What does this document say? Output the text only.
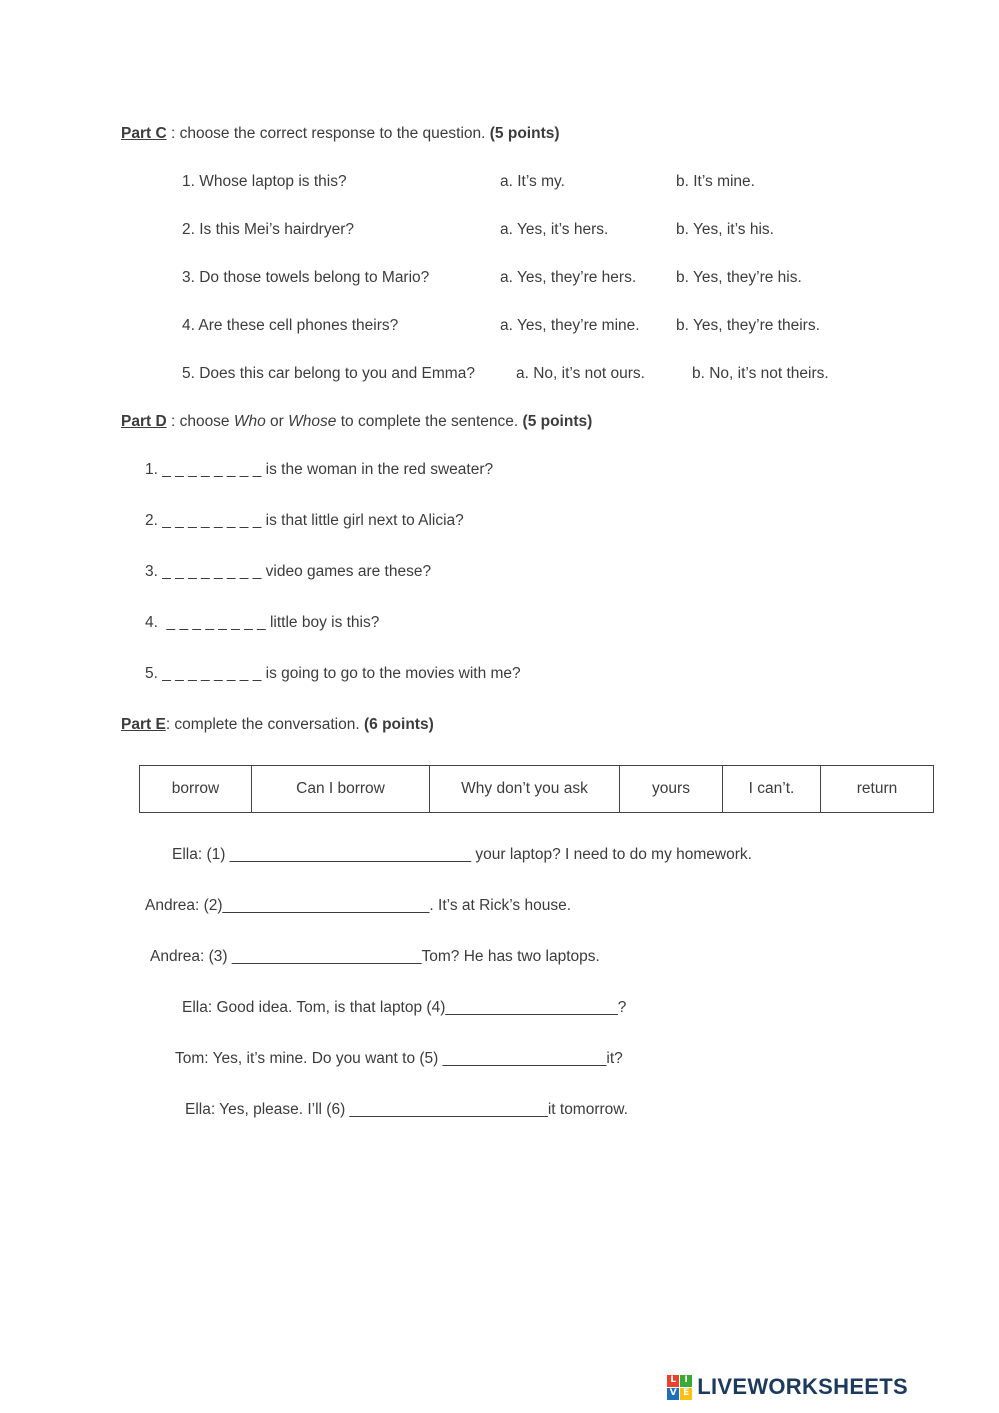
Part C : choose the correct response to the question. (5 points)

1. Whose laptop is this?	a. It’s my.	b. It’s mine.
2. Is this Mei’s hairdryer?	a. Yes, it’s hers.	b. Yes, it’s his.
3. Do those towels belong to Mario?	a. Yes, they’re hers.	b. Yes, they’re his.
4. Are these cell phones theirs?	a. Yes, they’re mine.	b. Yes, they’re theirs.
5. Does this car belong to you and Emma?	a. No, it’s not ours.	b. No, it’s not theirs.

Part D : choose Who or Whose to complete the sentence. (5 points)

1. _ _ _ _ _ _ _ _ is the woman in the red sweater?
2. _ _ _ _ _ _ _ _ is that little girl next to Alicia?
3. _ _ _ _ _ _ _ _ video games are these?
4.  _ _ _ _ _ _ _ _ little boy is this?
5. _ _ _ _ _ _ _ _ is going to go to the movies with me?

Part E: complete the conversation. (6 points)

borrow	Can I borrow	Why don’t you ask	yours	I can’t.	return
Ella: (1) ____________________________ your laptop? I need to do my homework.
Andrea: (2)________________________. It’s at Rick’s house.
Andrea: (3) ______________________Tom? He has two laptops.
Ella: Good idea. Tom, is that laptop (4)____________________?
Tom: Yes, it’s mine. Do you want to (5) ___________________it?
Ella: Yes, please. I’ll (6) _______________________it tomorrow.
L I
V E LIVEWORKSHEETS
